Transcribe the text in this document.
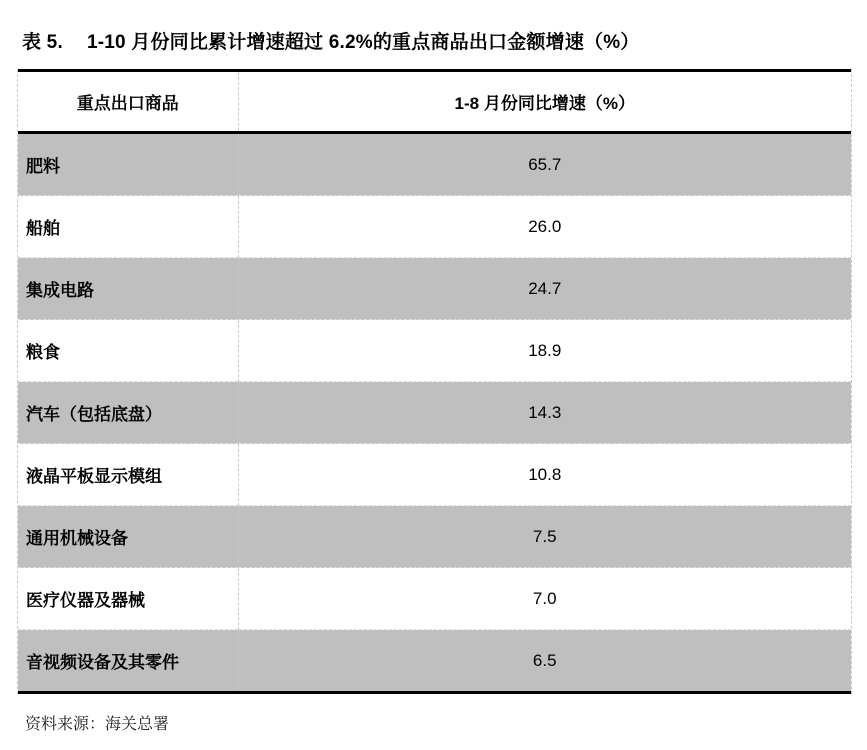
表 5. 1-10 月份同比累计增速超过 6.2%的重点商品出口金额增速（%）
重点出口商品	1-8 月份同比增速（%）
肥料	65.7
船舶	26.0
集成电路	24.7
粮食	18.9
汽车（包括底盘）	14.3
液晶平板显示模组	10.8
通用机械设备	7.5
医疗仪器及器械	7.0
音视频设备及其零件	6.5
资料来源：海关总署
